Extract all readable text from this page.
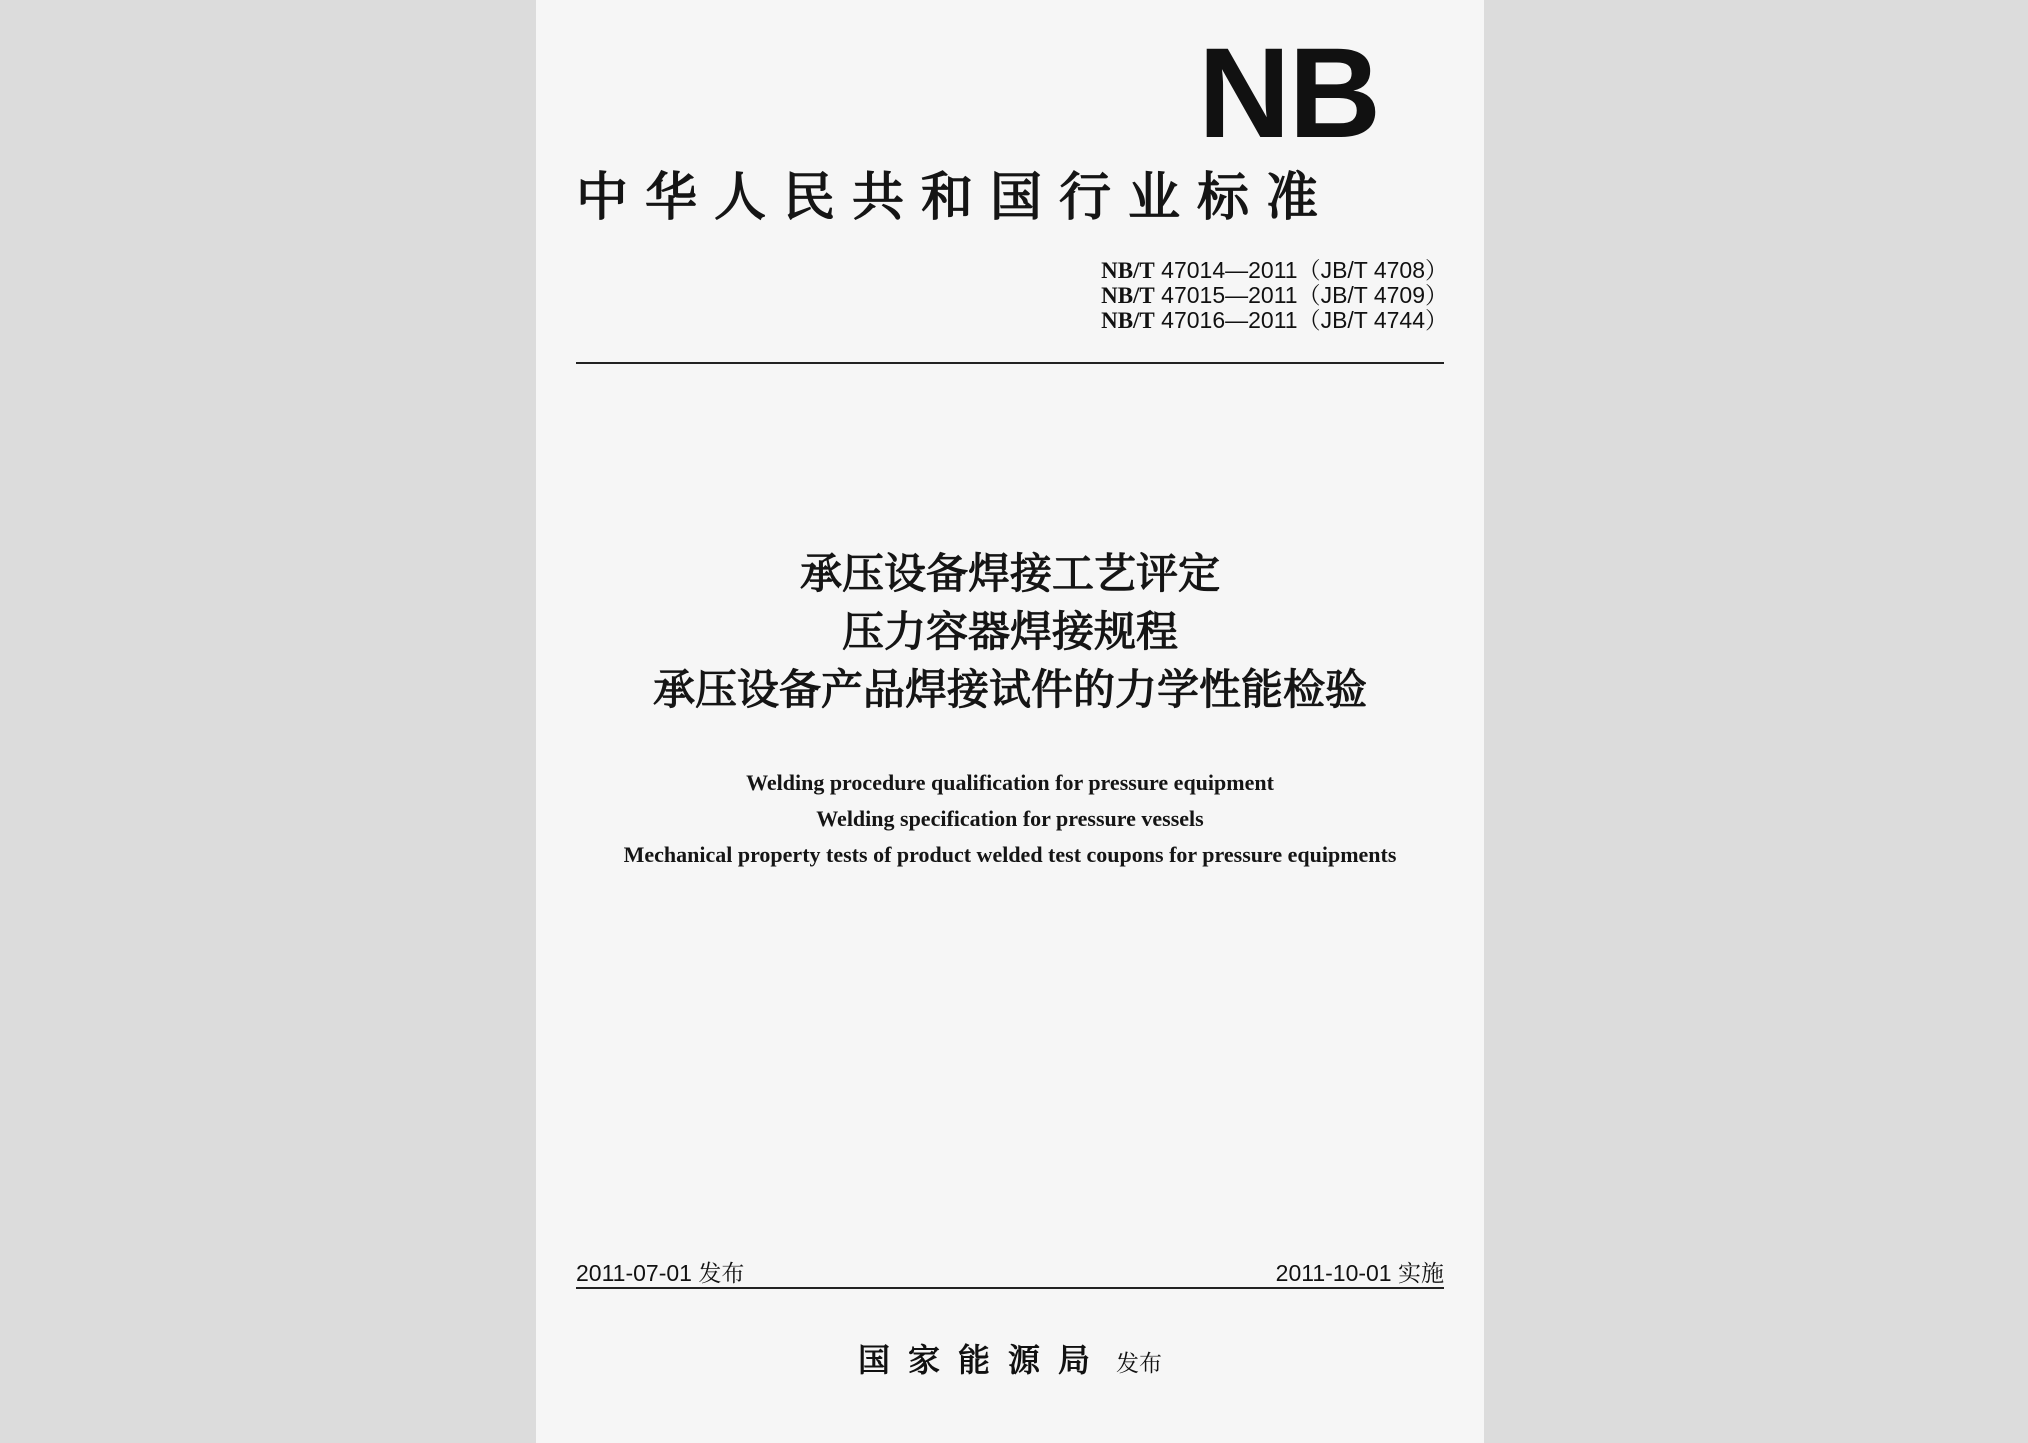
NB
中华人民共和国行业标准
NB/T 47014—2011（JB/T 4708）
NB/T 47015—2011（JB/T 4709）
NB/T 47016—2011（JB/T 4744）
承压设备焊接工艺评定
压力容器焊接规程
承压设备产品焊接试件的力学性能检验
Welding procedure qualification for pressure equipment
Welding specification for pressure vessels
Mechanical property tests of product welded test coupons for pressure equipments
2011-07-01 发布	2011-10-01 实施
国家能源局 发布
